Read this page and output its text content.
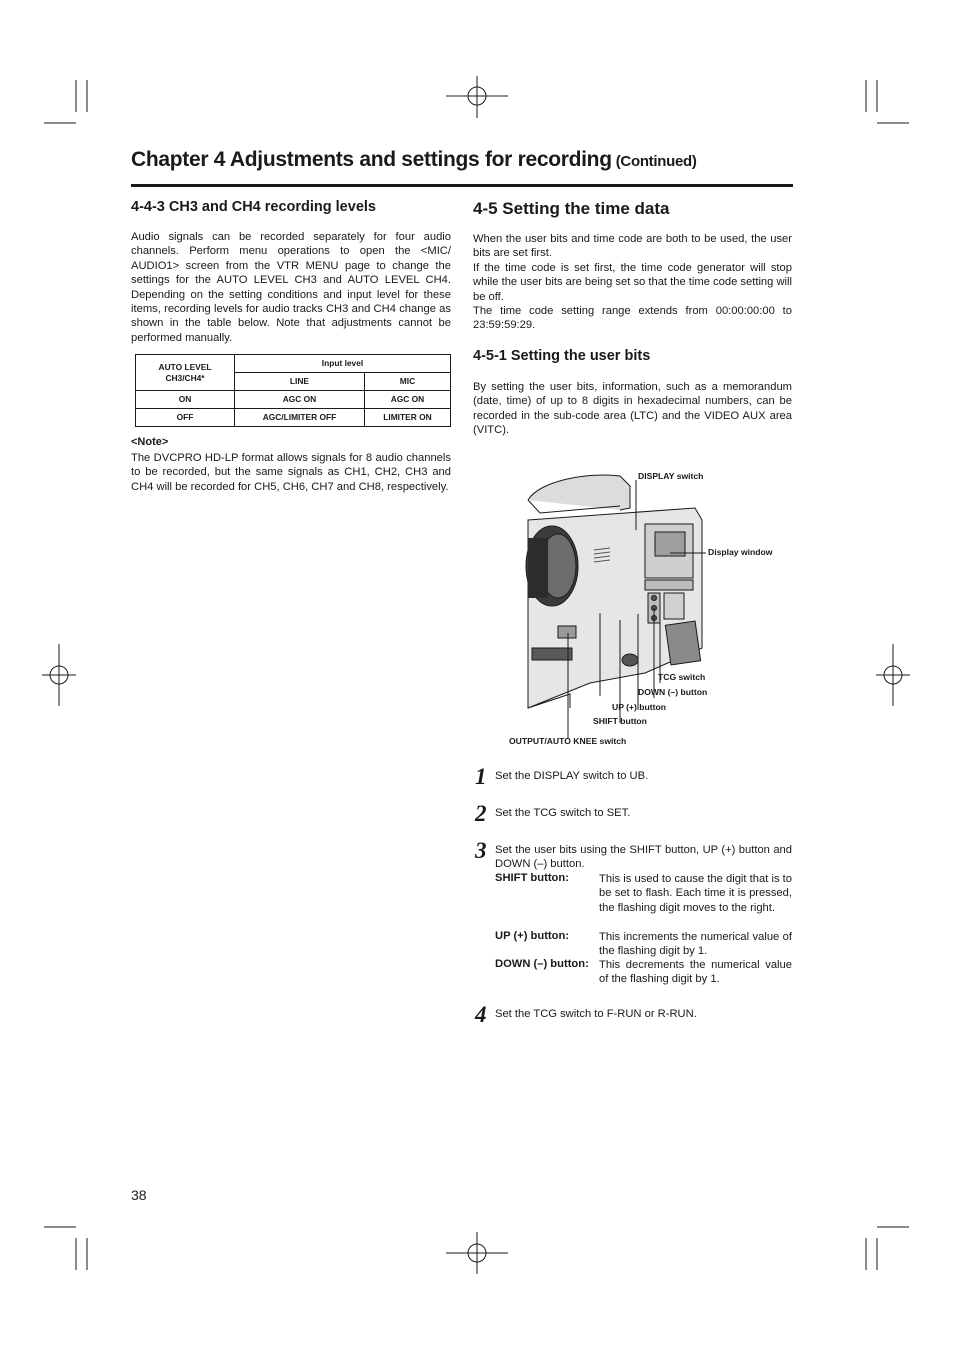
Chapter 4 Adjustments and settings for recording (Continued)
4-4-3 CH3 and CH4 recording levels

Audio signals can be recorded separately for four audio channels. Perform menu operations to open the <MIC/ AUDIO1> screen from the VTR MENU page to change the settings for the AUTO LEVEL CH3 and AUTO LEVEL CH4. Depending on the setting conditions and input level for these items, recording levels for audio tracks CH3 and CH4 change as shown in the table below. Note that adjustments cannot be performed manually.

AUTO LEVEL
CH3/CH4*	Input level	
	LINE	MIC
ON	AGC ON	AGC ON
OFF	AGC/LIMITER OFF	LIMITER ON
<Note>

The DVCPRO HD-LP format allows signals for 8 audio channels to be recorded, but the same signals as CH1, CH2, CH3 and CH4 will be recorded for CH5, CH6, CH7 and CH8, respectively.

4-5 Setting the time data

When the user bits and time code are both to be used, the user bits are set first.

If the time code is set first, the time code generator will stop while the user bits are being set so that the time code setting will be off.

The time code setting range extends from 00:00:00:00 to 23:59:59:29.

4-5-1 Setting the user bits

By setting the user bits, information, such as a memorandum (date, time) of up to 8 digits in hexadecimal numbers, can be recorded in the sub-code area (LTC) and the VIDEO AUX area (VITC).

DISPLAY switch
Display window
TCG switch
DOWN (–) button
UP (+) button
SHIFT button
OUTPUT/AUTO KNEE switch
1 Set the DISPLAY switch to UB.

2 Set the TCG switch to SET.

3 Set the user bits using the SHIFT button, UP (+) button and DOWN (–) button.

SHIFT button:	This is used to cause the digit that is to be set to flash. Each time it is pressed, the flashing digit moves to the right.

UP (+) button:	This increments the numerical value of the flashing digit by 1.

DOWN (–) button: This decrements the numerical value of the flashing digit by 1.

4 Set the TCG switch to F-RUN or R-RUN.

38
